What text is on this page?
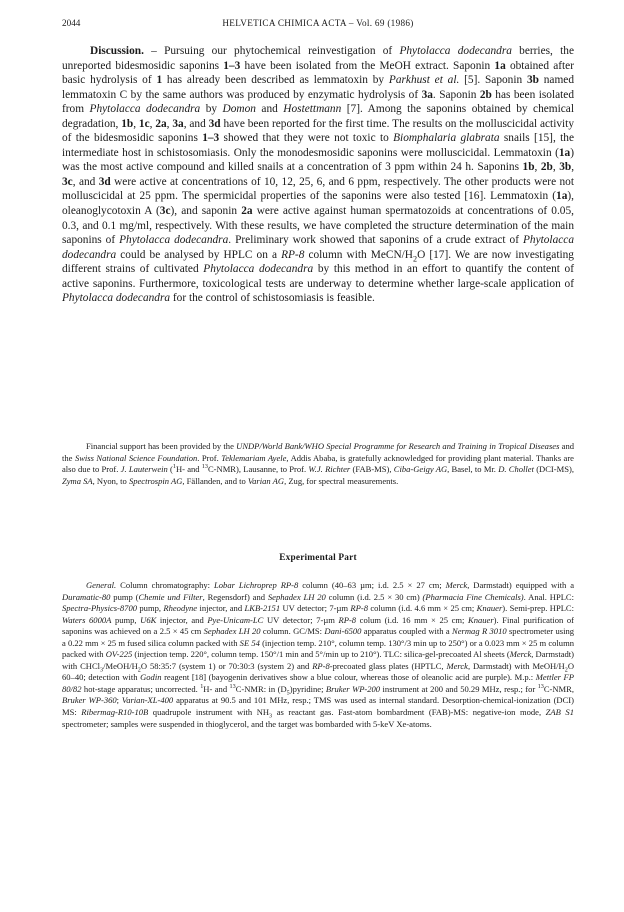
2044	HELVETICA CHIMICA ACTA – Vol. 69 (1986)

Discussion. – Pursuing our phytochemical reinvestigation of Phytolacca dodecandra berries, the unreported bidesmosidic saponins 1–3 have been isolated from the MeOH extract. Saponin 1a obtained after basic hydrolysis of 1 has already been described as lemmatoxin by Parkhust et al. [5]. Saponin 3b named lemmatoxin C by the same authors was produced by enzymatic hydrolysis of 3a. Saponin 2b has been isolated from Phytolacca dodecandra by Domon and Hostettmann [7]. Among the saponins obtained by chemical degradation, 1b, 1c, 2a, 3a, and 3d have been reported for the first time. The results on the molluscicidal activity of the bidesmosidic saponins 1–3 showed that they were not toxic to Biomphalaria glabrata snails [15], the intermediate host in schistosomiasis. Only the monodesmosidic saponins were molluscicidal. Lemmatoxin (1a) was the most active compound and killed snails at a concentration of 3 ppm within 24 h. Saponins 1b, 2b, 3b, 3c, and 3d were active at concentrations of 10, 12, 25, 6, and 6 ppm, respectively. The other products were not molluscicidal at 25 ppm. The spermicidal properties of the saponins were also tested [16]. Lemmatoxin (1a), oleanoglycotoxin A (3c), and saponin 2a were active against human spermatozoids at concentrations of 0.05, 0.3, and 0.1 mg/ml, respectively. With these results, we have completed the structure determination of the main saponins of Phytolacca dodecandra. Preliminary work showed that saponins of a crude extract of Phytolacca dodecandra could be analysed by HPLC on a RP-8 column with MeCN/$H_2O$ [17]. We are now investigating different strains of cultivated Phytolacca dodecandra by this method in an effort to quantify the content of active saponins. Furthermore, toxicological tests are underway to determine whether large-scale application of Phytolacca dodecandra for the control of schistosomiasis is feasible.

Financial support has been provided by the UNDP/World Bank/WHO Special Programme for Research and Training in Tropical Diseases and the Swiss National Science Foundation. Prof. Teklemariam Ayele, Addis Ababa, is gratefully acknowledged for providing plant material. Thanks are also due to Prof. J. Lauterwein ($^1$H- and $^{13}$C-NMR), Lausanne, to Prof. W.J. Richter (FAB-MS), Ciba-Geigy AG, Basel, to Mr. D. Chollet (DCI-MS), Zyma SA, Nyon, to Spectrospin AG, Fällanden, and to Varian AG, Zug, for spectral measurements.

Experimental Part

General. Column chromatography: Lobar Lichroprep RP-8 column (40–63 µm; i.d. 2.5 × 27 cm; Merck, Darmstadt) equipped with a Duramatic-80 pump (Chemie und Filter, Regensdorf) and Sephadex LH 20 column (i.d. 2.5 × 30 cm) (Pharmacia Fine Chemicals). Anal. HPLC: Spectra-Physics-8700 pump, Rheodyne injector, and LKB-2151 UV detector; 7-µm RP-8 column (i.d. 4.6 mm × 25 cm; Knauer). Semi-prep. HPLC: Waters 6000A pump, U6K injector, and Pye-Unicam-LC UV detector; 7-µm RP-8 colum (i.d. 16 mm × 25 cm; Knauer). Final purification of saponins was achieved on a 2.5 × 45 cm Sephadex LH 20 column. GC/MS: Dani-6500 apparatus coupled with a Nermag R 3010 spectrometer using a 0.22 mm × 25 m fused silica column packed with SE 54 (injection temp. 210°, column temp. 130°/3 min up to 250°) or a 0.023 mm × 25 m column packed with OV-225 (injection temp. 220°, column temp. 150°/1 min and 5°/min up to 210°). TLC: silica-gel-precoated Al sheets (Merck, Darmstadt) with $CHCl_3/MeOH/H_2O$ 58:35:7 (system 1) or 70:30:3 (system 2) and RP-8-precoated glass plates (HPTLC, Merck, Darmstadt) with MeOH/$H_2O$ 60–40; detection with Godin reagent [18] (bayogenin derivatives show a blue colour, whereas those of oleanolic acid are purple). M.p.: Mettler FP 80/82 hot-stage apparatus; uncorrected. $^1$H- and $^{13}$C-NMR: in $(D_5)pyridine$; Bruker WP-200 instrument at 200 and 50.29 MHz, resp.; for $^{13}$C-NMR, Bruker WP-360; Varian-XL-400 apparatus at 90.5 and 101 MHz, resp.; TMS was used as internal standard. Desorption-chemical-ionization (DCI) MS: Ribermag-R10-10B quadrupole instrument with $NH_3$ as reactant gas. Fast-atom bombardment (FAB)-MS: negative-ion mode, ZAB S1 spectrometer; samples were suspended in thioglycerol, and the target was bombarded with 5-keV Xe-atoms.
